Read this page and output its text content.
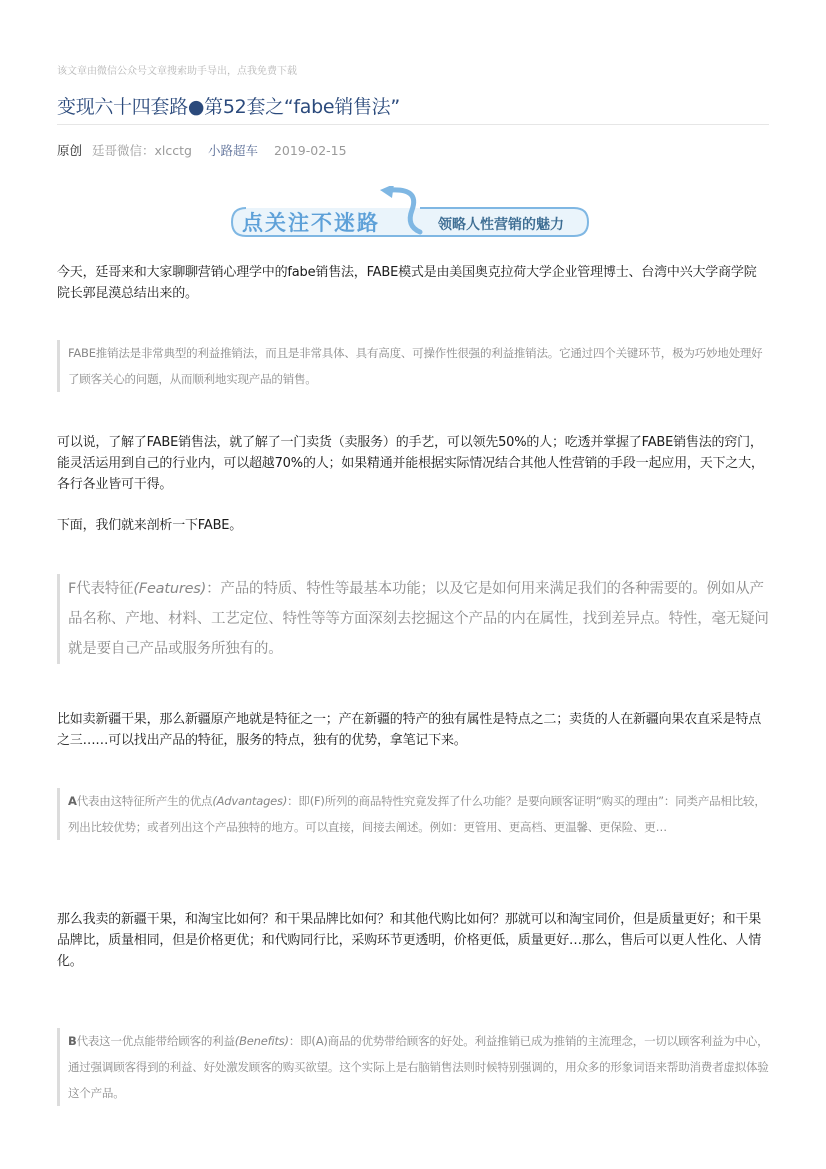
该文章由微信公众号文章搜索助手导出，点我免费下载
变现六十四套路●第52套之“fabe销售法”
原创 廷哥微信：xlcctg 小路超车 2019-02-15
点关注不迷路	领略人性营销的魅力

今天，廷哥来和大家聊聊营销心理学中的fabe销售法，FABE模式是由美国奥克拉荷大学企业管理博士、台湾中兴大学商学院院长郭昆漠总结出来的。

FABE推销法是非常典型的利益推销法，而且是非常具体、具有高度、可操作性很强的利益推销法。它通过四个关键环节，极为巧妙地处理好了顾客关心的问题，从而顺利地实现产品的销售。

可以说，了解了FABE销售法，就了解了一门卖货（卖服务）的手艺，可以领先50%的人；吃透并掌握了FABE销售法的窍门，能灵活运用到自己的行业内，可以超越70%的人；如果精通并能根据实际情况结合其他人性营销的手段一起应用，天下之大，各行各业皆可干得。

下面，我们就来剖析一下FABE。

F代表特征(Features)：产品的特质、特性等最基本功能；以及它是如何用来满足我们的各种需要的。例如从产品名称、产地、材料、工艺定位、特性等等方面深刻去挖掘这个产品的内在属性，找到差异点。特性，毫无疑问就是要自己产品或服务所独有的。

比如卖新疆干果，那么新疆原产地就是特征之一；产在新疆的特产的独有属性是特点之二；卖货的人在新疆向果农直采是特点之三……可以找出产品的特征，服务的特点，独有的优势，拿笔记下来。

A代表由这特征所产生的优点(Advantages)：即(F)所列的商品特性究竟发挥了什么功能？是要向顾客证明“购买的理由”：同类产品相比较，列出比较优势；或者列出这个产品独特的地方。可以直接，间接去阐述。例如：更管用、更高档、更温馨、更保险、更…

那么我卖的新疆干果，和淘宝比如何？和干果品牌比如何？和其他代购比如何？那就可以和淘宝同价，但是质量更好；和干果品牌比，质量相同，但是价格更优；和代购同行比，采购环节更透明，价格更低，质量更好…那么，售后可以更人性化、人情化。

B代表这一优点能带给顾客的利益(Benefits)：即(A)商品的优势带给顾客的好处。利益推销已成为推销的主流理念，一切以顾客利益为中心，通过强调顾客得到的利益、好处激发顾客的购买欲望。这个实际上是右脑销售法则时候特别强调的，用众多的形象词语来帮助消费者虚拟体验这个产品。
